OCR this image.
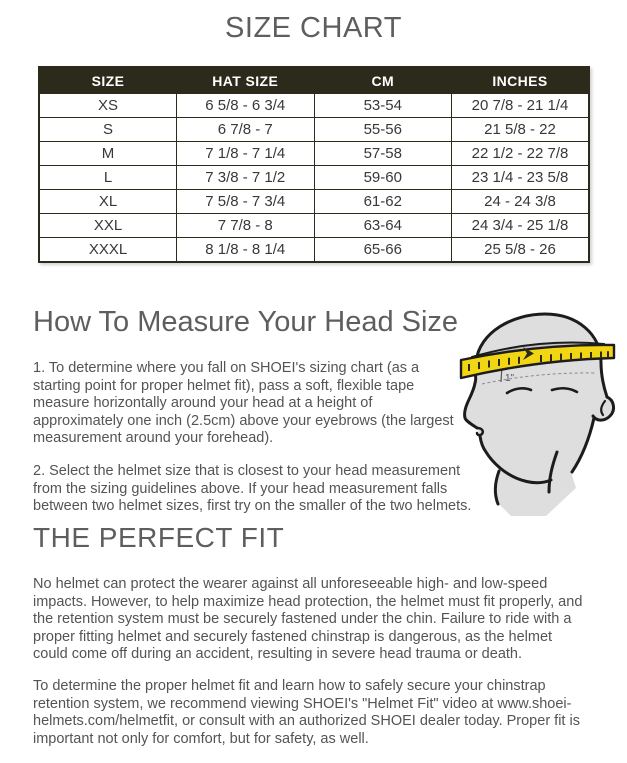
SIZE CHART
SIZE	HAT SIZE	CM	INCHES
XS	6 5/8 - 6 3/4	53-54	20 7/8 - 21 1/4
S	6 7/8 - 7	55-56	21 5/8 - 22
M	7 1/8 - 7 1/4	57-58	22 1/2 - 22 7/8
L	7 3/8 - 7 1/2	59-60	23 1/4 - 23 5/8
XL	7 5/8 - 7 3/4	61-62	24 - 24 3/8
XXL	7 7/8 - 8	63-64	24 3/4 - 25 1/8
XXXL	8 1/8 - 8 1/4	65-66	25 5/8 - 26
How To Measure Your Head Size

1. To determine where you fall on SHOEI's sizing chart (as a starting point for proper helmet fit), pass a soft, flexible tape measure horizontally around your head at a height of approximately one inch (2.5cm) above your eyebrows (the largest measurement around your forehead).

2. Select the helmet size that is closest to your head measurement from the sizing guidelines above. If your head measurement falls between two helmet sizes, first try on the smaller of the two helmets.

1"
THE PERFECT FIT

No helmet can protect the wearer against all unforeseeable high- and low-speed impacts. However, to help maximize head protection, the helmet must fit properly, and the retention system must be securely fastened under the chin. Failure to ride with a proper fitting helmet and securely fastened chinstrap is dangerous, as the helmet could come off during an accident, resulting in severe head trauma or death.

To determine the proper helmet fit and learn how to safely secure your chinstrap retention system, we recommend viewing SHOEI's "Helmet Fit" video at www.shoei-helmets.com/helmetfit, or consult with an authorized SHOEI dealer today. Proper fit is important not only for comfort, but for safety, as well.
